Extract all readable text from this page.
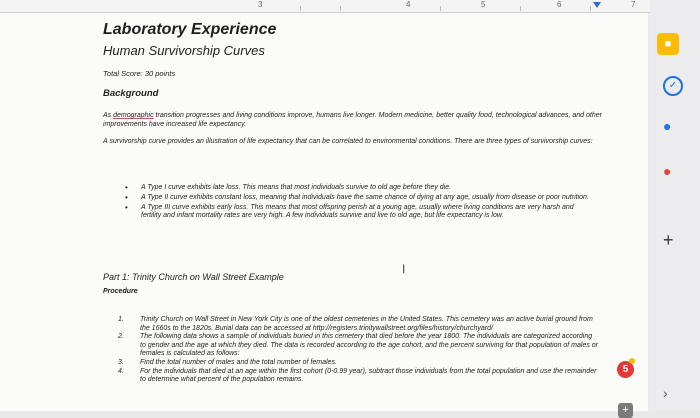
3	4	5	6	7
Laboratory Experience
Human Survivorship Curves
Total Score: 30 points
Background
As demographic transition progresses and living conditions improve, humans live longer. Modern medicine, better quality food, technological advances, and other improvements have increased life expectancy.
A survivorship curve provides an illustration of life expectancy that can be correlated to environmental conditions. There are three types of survivorship curves:
• A Type I curve exhibits late loss. This means that most individuals survive to old age before they die.
• A Type II curve exhibits constant loss, meaning that individuals have the same chance of dying at any age, usually from disease or poor nutrition.
• A Type III curve exhibits early loss. This means that most offspring perish at a young age, usually where living conditions are very harsh and fertility and infant mortality rates are very high. A few individuals survive and live to old age, but life expectancy is low.
I
Part 1: Trinity Church on Wall Street Example
Procedure
1. Trinity Church on Wall Street in New York City is one of the oldest cemeteries in the United States. This cemetery was an active burial ground from the 1660s to the 1820s. Burial data can be accessed at http://registers.trinitywallstreet.org/files/history/churchyard/
2. The following data shows a sample of individuals buried in this cemetery that died before the year 1800. The individuals are categorized according to gender and the age at which they died. The data is recorded according to the age cohort, and the percent surviving for that population of males or females is calculated as follows:
3. Find the total number of males and the total number of females.
4. For the individuals that died at an age within the first cohort (0-0.99 year), subtract those individuals from the total population and use the remainder to determine what percent of the population remains.
5
+
■
✓
●
●
+
›
